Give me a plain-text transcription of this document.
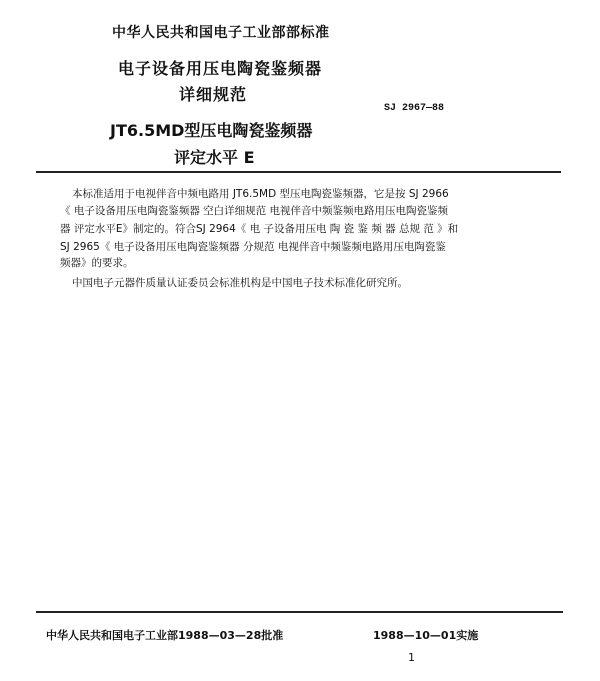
中华人民共和国电子工业部部标准

电子设备用压电陶瓷鉴频器

详细规范

SJ 2967—88

JT6.5MD型压电陶瓷鉴频器

评定水平 E

本标准适用于电视伴音中频电路用 JT6.5MD 型压电陶瓷鉴频器，它是按 SJ 2966

《 电子设备用压电陶瓷鉴频器 空白详细规范 电视伴音中频鉴频电路用压电陶瓷鉴频

器 评定水平E》制定的。符合SJ 2964《 电 子设备用压电 陶 瓷 鉴 频 器 总规 范 》和

SJ 2965《 电子设备用压电陶瓷鉴频器 分规范 电视伴音中频鉴频电路用压电陶瓷鉴

频器》的要求。

中国电子元器件质量认证委员会标准机构是中国电子技术标准化研究所。

中华人民共和国电子工业部1988—03—28批准	1988—10—01实施

1
